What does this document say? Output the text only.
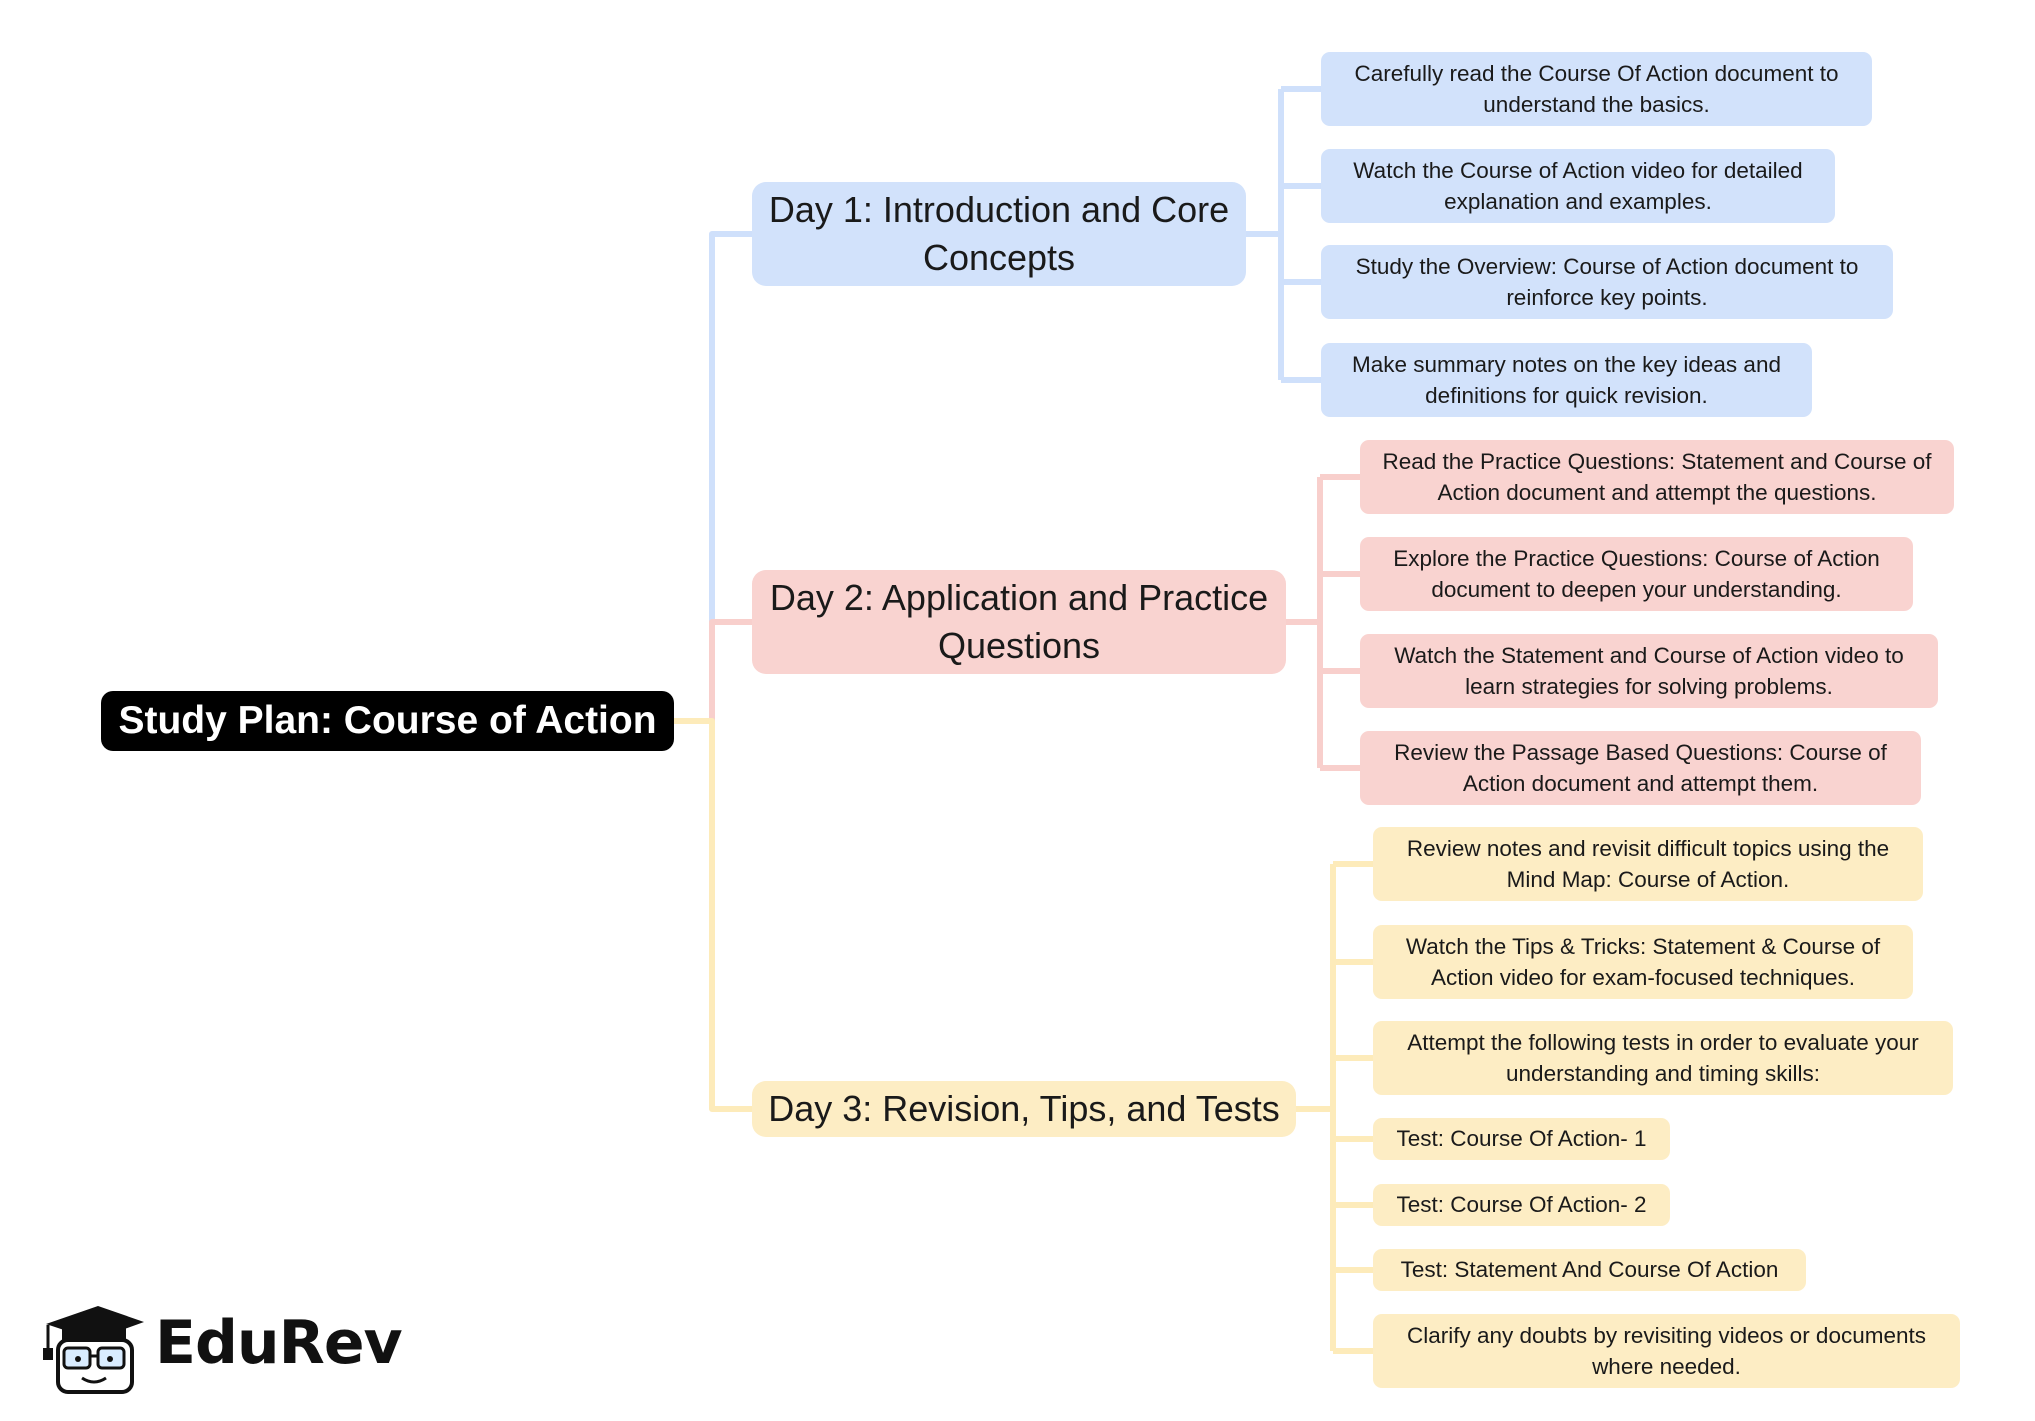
Study Plan: Course of Action
Day 1: Introduction and Core Concepts
Day 2: Application and Practice Questions
Day 3: Revision, Tips, and Tests
Carefully read the Course Of Action document to understand the basics.
Watch the Course of Action video for detailed explanation and examples.
Study the Overview: Course of Action document to reinforce key points.
Make summary notes on the key ideas and definitions for quick revision.
Read the Practice Questions: Statement and Course of Action document and attempt the questions.
Explore the Practice Questions: Course of Action document to deepen your understanding.
Watch the Statement and Course of Action video to learn strategies for solving problems.
Review the Passage Based Questions: Course of Action document and attempt them.
Review notes and revisit difficult topics using the Mind Map: Course of Action.
Watch the Tips & Tricks: Statement & Course of Action video for exam-focused techniques.
Attempt the following tests in order to evaluate your understanding and timing skills:
Test: Course Of Action- 1
Test: Course Of Action- 2
Test: Statement And Course Of Action
Clarify any doubts by revisiting videos or documents where needed.
EduRev
